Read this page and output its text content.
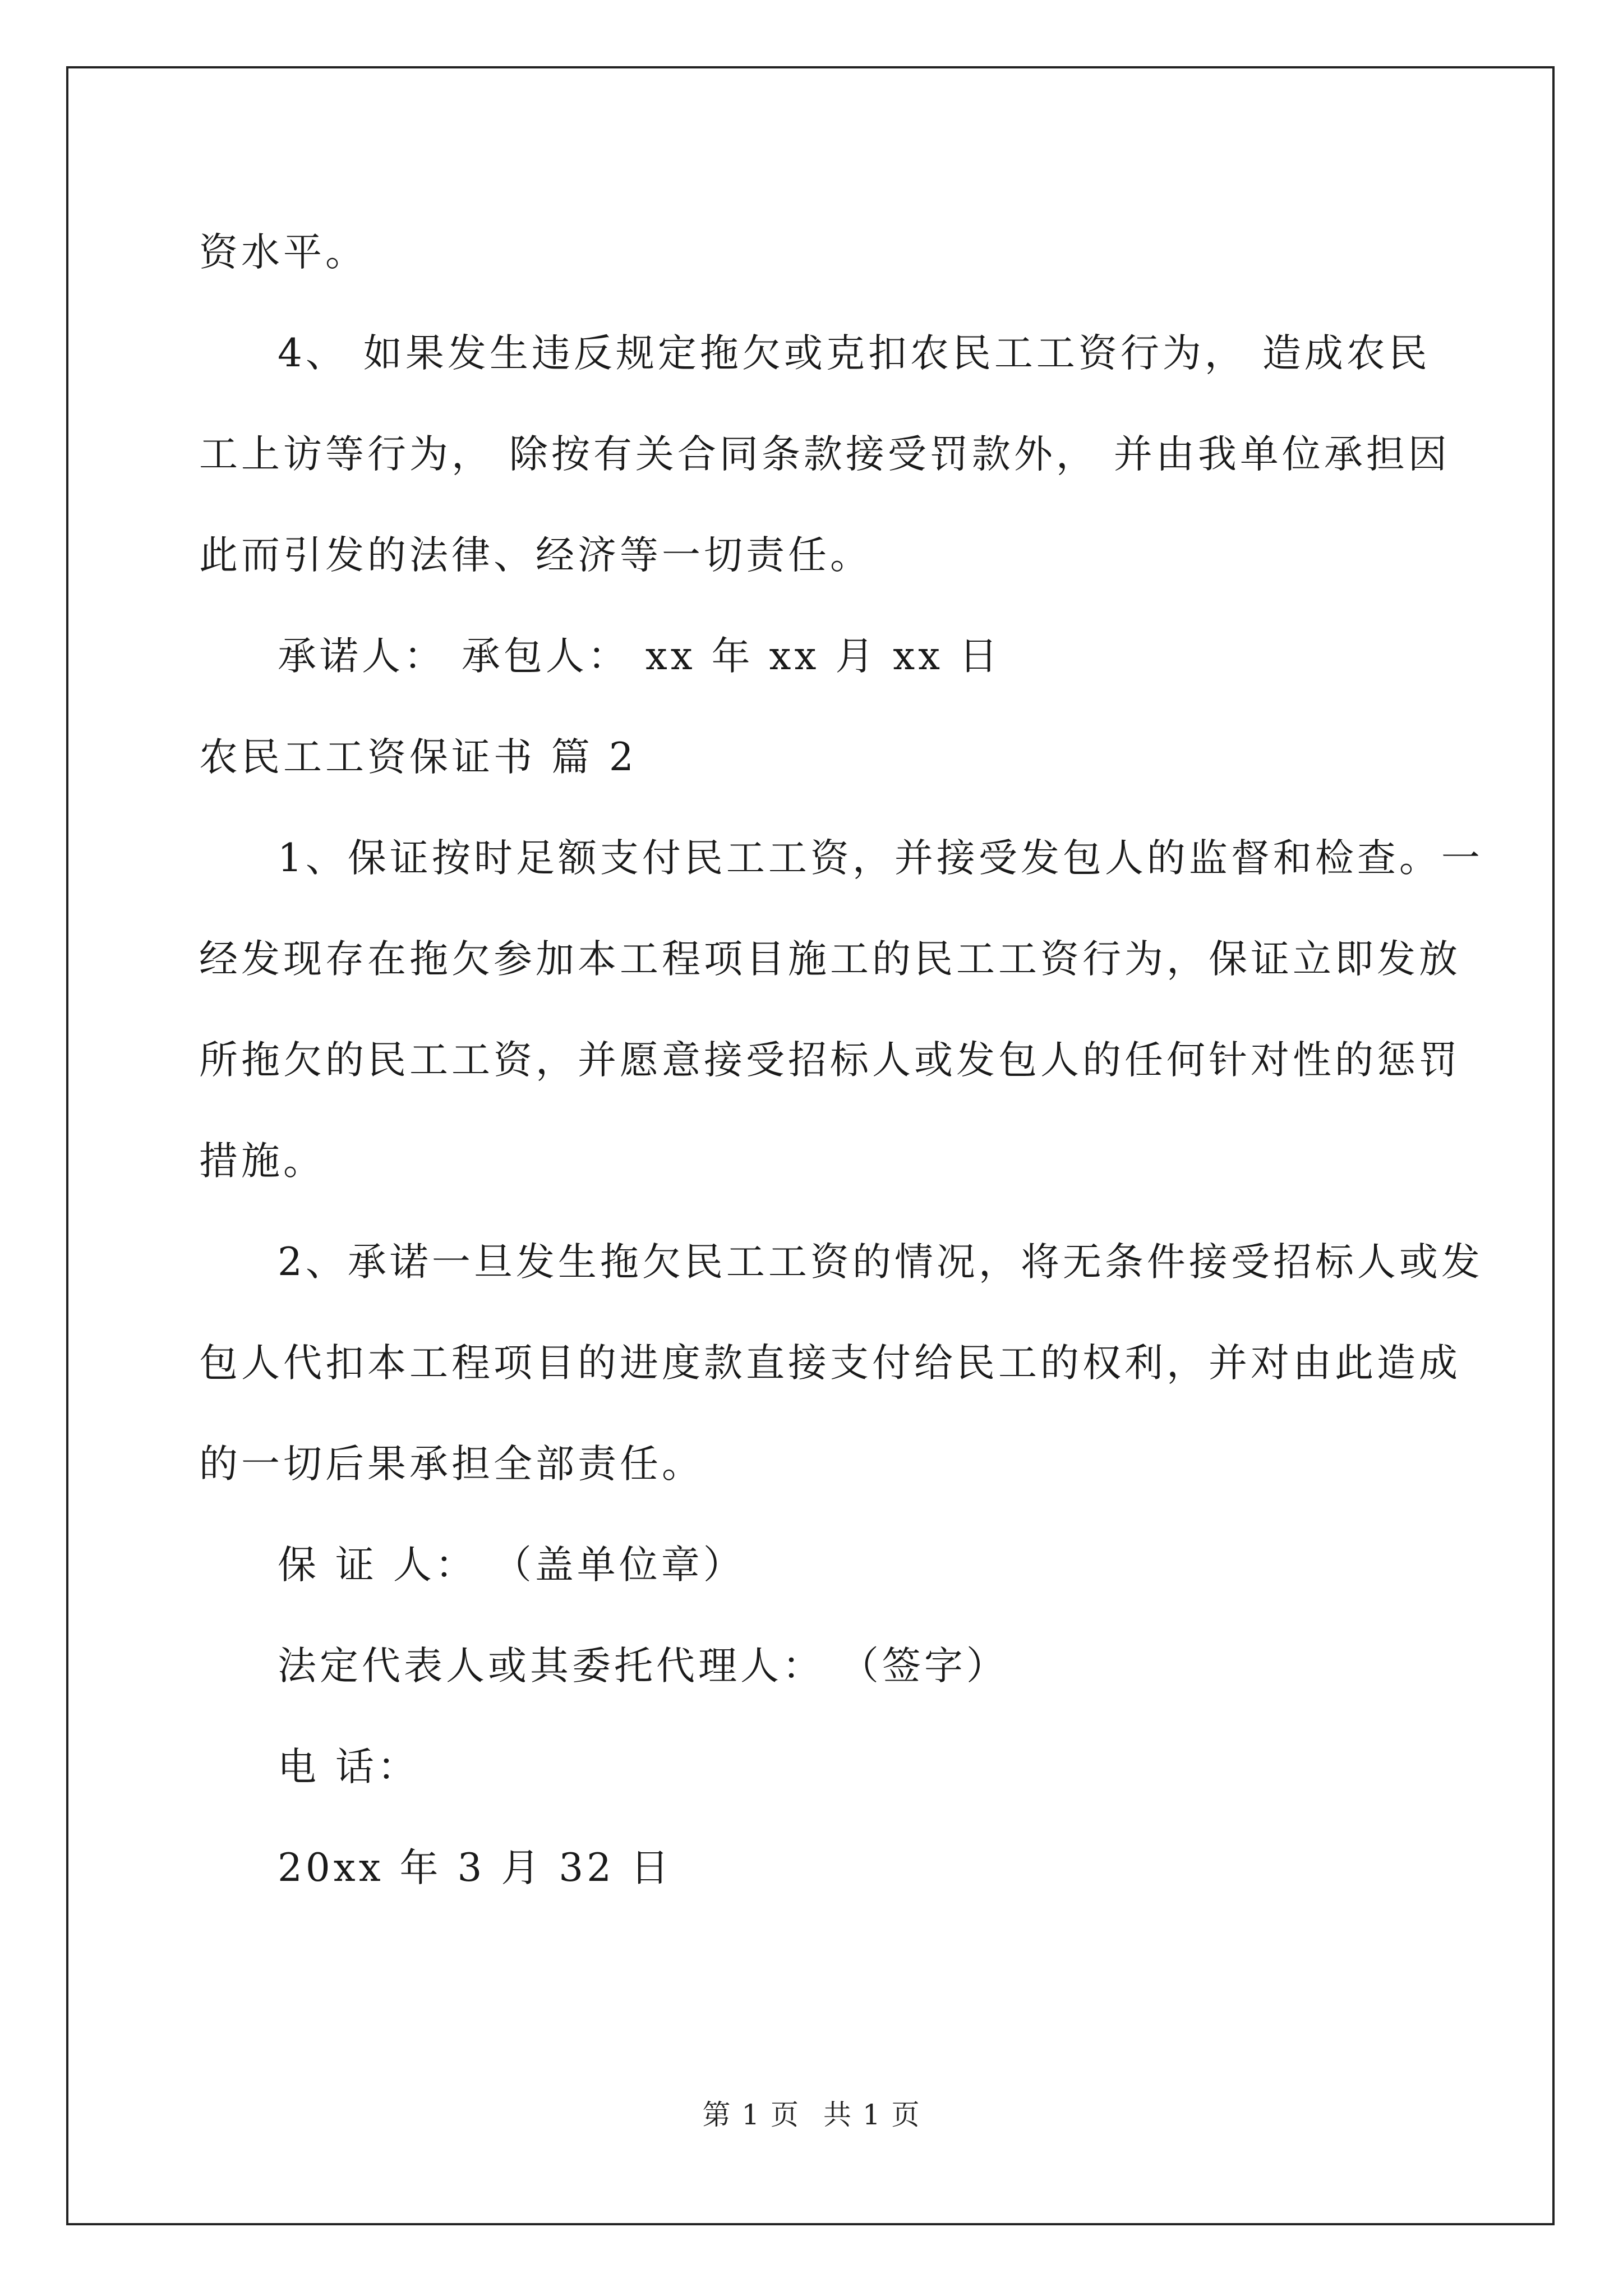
资水平。
4、 如果发生违反规定拖欠或克扣农民工工资行为， 造成农民
工上访等行为， 除按有关合同条款接受罚款外， 并由我单位承担因
此而引发的法律、经济等一切责任。
承诺人： 承包人： xx 年 xx 月 xx 日
农民工工资保证书 篇 2
1、保证按时足额支付民工工资，并接受发包人的监督和检查。一
经发现存在拖欠参加本工程项目施工的民工工资行为，保证立即发放
所拖欠的民工工资，并愿意接受招标人或发包人的任何针对性的惩罚
措施。
2、承诺一旦发生拖欠民工工资的情况，将无条件接受招标人或发
包人代扣本工程项目的进度款直接支付给民工的权利，并对由此造成
的一切后果承担全部责任。
保 证 人： （盖单位章）
法定代表人或其委托代理人： （签字）
电 话：
20xx 年 3 月 32 日
第 1 页 共 1 页
